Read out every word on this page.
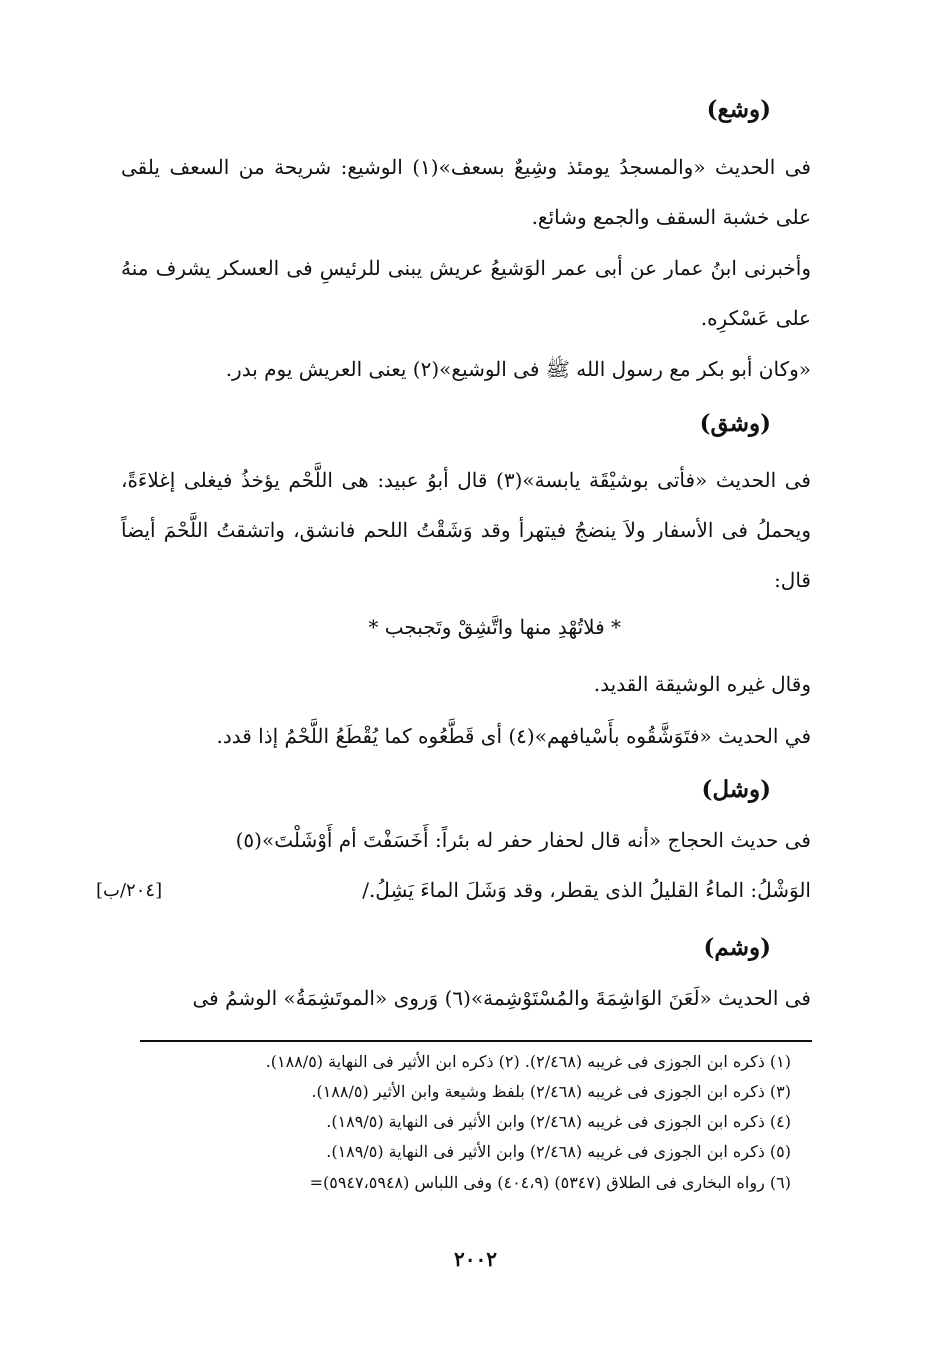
(وشع)
فى الحديث «والمسجدُ يومئذ وشِيعٌ بسعف»(١) الوشيع: شريحة من السعف يلقى على خشبة السقف والجمع وشائع.
وأخبرنى ابنُ عمار عن أبى عمر الوَشيعُ عريش يبنى للرئيسِ فى العسكر يشرف منهُ على عَسْكرِه.
«وكان أبو بكر مع رسول الله ﷺ فى الوشيع»(٢) يعنى العريش يوم بدر.
(وشق)
فى الحديث «فأتى بوشيْقَة يابسة»(٣) قال أبوُ عبيد: هى اللَّحْم يؤخذُ فيغلى إغلاءَةً، ويحملُ فى الأسفار ولاَ ينضجُ فيتهرأ وقد وَشَقْتُ اللحم فانشق، واتشقتُ اللَّحْمَ أيضاً قال:
* فلاتُهْدِ منها واتَّشِقْ وتَجبجب *
وقال غيره الوشيقة القديد.
في الحديث «فتَوَشَّقُوه بأَسْيافهم»(٤) أى قَطَّعُوه كما يُقْطَعُ اللَّحْمُ إذا قدد.
(وشل)
فى حديث الحجاج «أنه قال لحفار حفر له بئراً: أَخَسَفْتَ أم أَوْشَلْتَ»(٥)
الوَشْلُ: الماءُ القليلُ الذى يقطر، وقد وَشَلَ الماءَ يَشِلُ./
[٢٠٤/ب]
(وشم)
فى الحديث «لَعَنَ الوَاشِمَةَ والمُسْتَوْشِمة»(٦) وَروى «الموتَشِمَةُ» الوشمُ فى
(١) ذكره ابن الجوزى فى غريبه (٢/٤٦٨). (٢) ذكره ابن الأثير فى النهاية (١٨٨/٥).
(٣) ذكره ابن الجوزى فى غريبه (٢/٤٦٨) بلفظ وشيعة وابن الأثير (١٨٨/٥).
(٤) ذكره ابن الجوزى فى غريبه (٢/٤٦٨) وابن الأثير فى النهاية (١٨٩/٥).
(٥) ذكره ابن الجوزى فى غريبه (٢/٤٦٨) وابن الأثير فى النهاية (١٨٩/٥).
(٦) رواه البخارى فى الطلاق (٥٣٤٧) (٤٠٤،٩) وفى اللباس (٥٩٤٧،٥٩٤٨)=
٢٠٠٢
